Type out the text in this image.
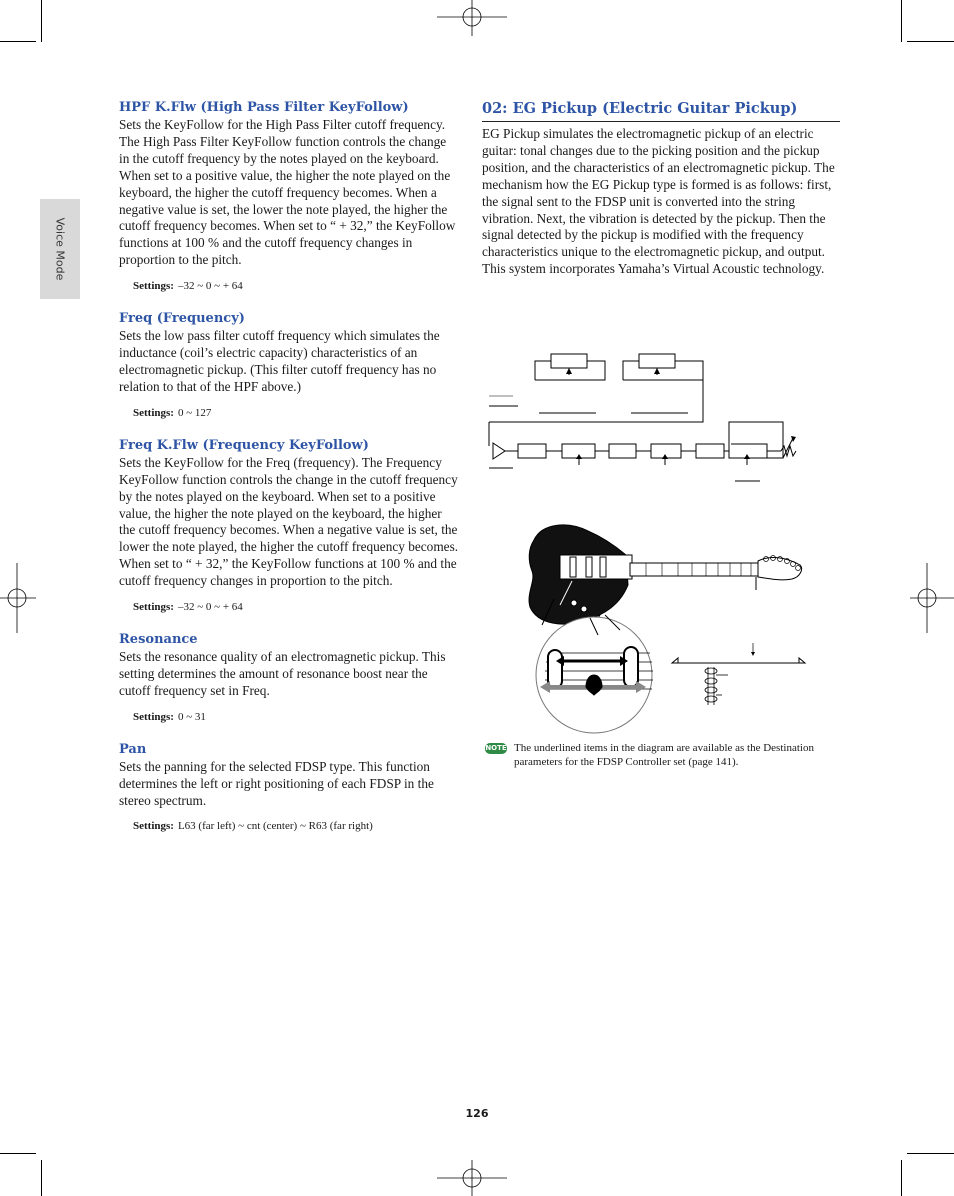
Voice Mode
HPF K.Flw (High Pass Filter KeyFollow)

Sets the KeyFollow for the High Pass Filter cutoff frequency. The High Pass Filter KeyFollow function controls the change in the cutoff frequency by the notes played on the keyboard. When set to a positive value, the higher the note played on the keyboard, the higher the cutoff frequency becomes. When a negative value is set, the lower the note played, the higher the cutoff frequency becomes. When set to “ + 32,” the KeyFollow functions at 100 % and the cutoff frequency changes in proportion to the pitch.

Settings: –32 ~ 0 ~ + 64
Freq (Frequency)

Sets the low pass filter cutoff frequency which simulates the inductance (coil’s electric capacity) characteristics of an electromagnetic pickup. (This filter cutoff frequency has no relation to that of the HPF above.)

Settings: 0 ~ 127
Freq K.Flw (Frequency KeyFollow)

Sets the KeyFollow for the Freq (frequency). The Frequency KeyFollow function controls the change in the cutoff frequency by the notes played on the keyboard. When set to a positive value, the higher the note played on the keyboard, the higher the cutoff frequency becomes. When a negative value is set, the lower the note played, the higher the cutoff frequency becomes. When set to “ + 32,” the KeyFollow functions at 100 % and the cutoff frequency changes in proportion to the pitch.

Settings: –32 ~ 0 ~ + 64
Resonance

Sets the resonance quality of an electromagnetic pickup. This setting determines the amount of resonance boost near the cutoff frequency set in Freq.

Settings: 0 ~ 31
Pan

Sets the panning for the selected FDSP type. This function determines the left or right positioning of each FDSP in the stereo spectrum.

Settings: L63 (far left) ~ cnt (center) ~ R63 (far right)
02: EG Pickup (Electric Guitar Pickup)

EG Pickup simulates the electromagnetic pickup of an electric guitar: tonal changes due to the picking position and the pickup position, and the characteristics of an electromagnetic pickup. The mechanism how the EG Pickup type is formed is as follows: first, the signal sent to the FDSP unit is converted into the string vibration. Next, the vibration is detected by the pickup. Then the signal detected by the pickup is modified with the frequency characteristics unique to the electromagnetic pickup, and output. This system incorporates Yamaha’s Virtual Acoustic technology.

NOTE The underlined items in the diagram are available as the Destination parameters for the FDSP Controller set (page 141).

126
